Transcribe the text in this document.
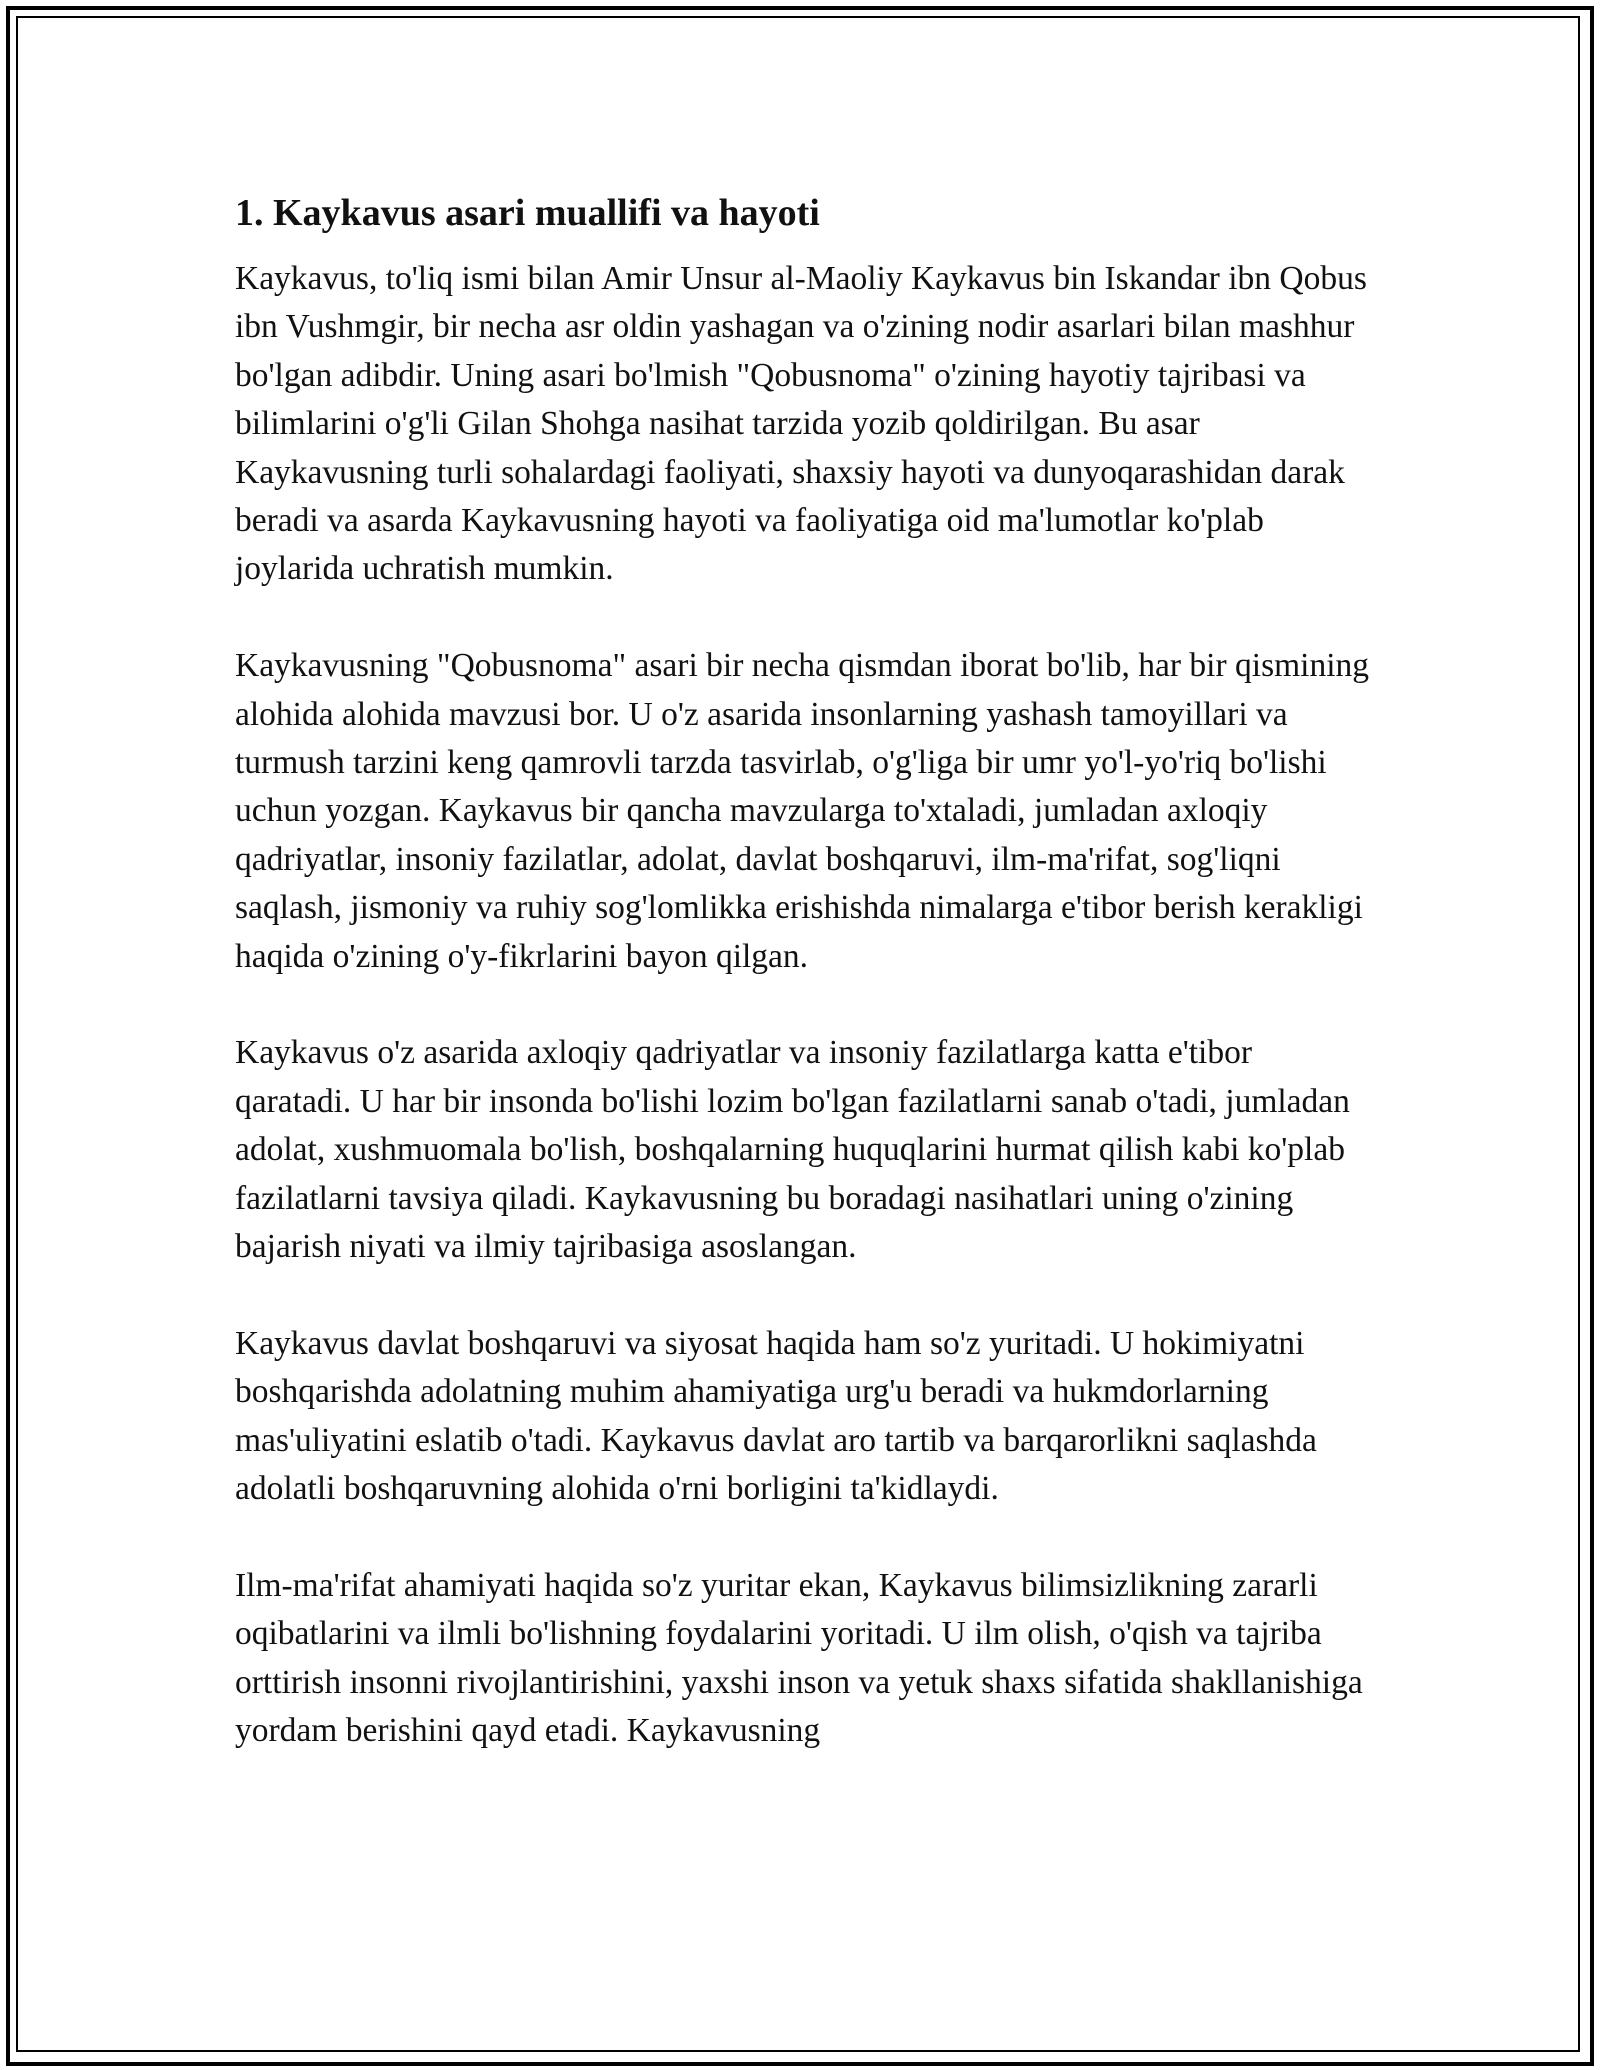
1. Kaykavus asari muallifi va hayoti

Kaykavus, to'liq ismi bilan Amir Unsur al-Maoliy Kaykavus bin Iskandar ibn Qobus ibn Vushmgir, bir necha asr oldin yashagan va o'zining nodir asarlari bilan mashhur bo'lgan adibdir. Uning asari bo'lmish "Qobusnoma" o'zining hayotiy tajribasi va bilimlarini o'g'li Gilan Shohga nasihat tarzida yozib qoldirilgan. Bu asar Kaykavusning turli sohalardagi faoliyati, shaxsiy hayoti va dunyoqarashidan darak beradi va asarda Kaykavusning hayoti va faoliyatiga oid ma'lumotlar ko'plab joylarida uchratish mumkin.

Kaykavusning "Qobusnoma" asari bir necha qismdan iborat bo'lib, har bir qismining alohida alohida mavzusi bor. U o'z asarida insonlarning yashash tamoyillari va turmush tarzini keng qamrovli tarzda tasvirlab, o'g'liga bir umr yo'l-yo'riq bo'lishi uchun yozgan. Kaykavus bir qancha mavzularga to'xtaladi, jumladan axloqiy qadriyatlar, insoniy fazilatlar, adolat, davlat boshqaruvi, ilm-ma'rifat, sog'liqni saqlash, jismoniy va ruhiy sog'lomlikka erishishda nimalarga e'tibor berish kerakligi haqida o'zining o'y-fikrlarini bayon qilgan.

Kaykavus o'z asarida axloqiy qadriyatlar va insoniy fazilatlarga katta e'tibor qaratadi. U har bir insonda bo'lishi lozim bo'lgan fazilatlarni sanab o'tadi, jumladan adolat, xushmuomala bo'lish, boshqalarning huquqlarini hurmat qilish kabi ko'plab fazilatlarni tavsiya qiladi. Kaykavusning bu boradagi nasihatlari uning o'zining bajarish niyati va ilmiy tajribasiga asoslangan.

Kaykavus davlat boshqaruvi va siyosat haqida ham so'z yuritadi. U hokimiyatni boshqarishda adolatning muhim ahamiyatiga urg'u beradi va hukmdorlarning mas'uliyatini eslatib o'tadi. Kaykavus davlat aro tartib va barqarorlikni saqlashda adolatli boshqaruvning alohida o'rni borligini ta'kidlaydi.

Ilm-ma'rifat ahamiyati haqida so'z yuritar ekan, Kaykavus bilimsizlikning zararli oqibatlarini va ilmli bo'lishning foydalarini yoritadi. U ilm olish, o'qish va tajriba orttirish insonni rivojlantirishini, yaxshi inson va yetuk shaxs sifatida shakllanishiga yordam berishini qayd etadi. Kaykavusning
